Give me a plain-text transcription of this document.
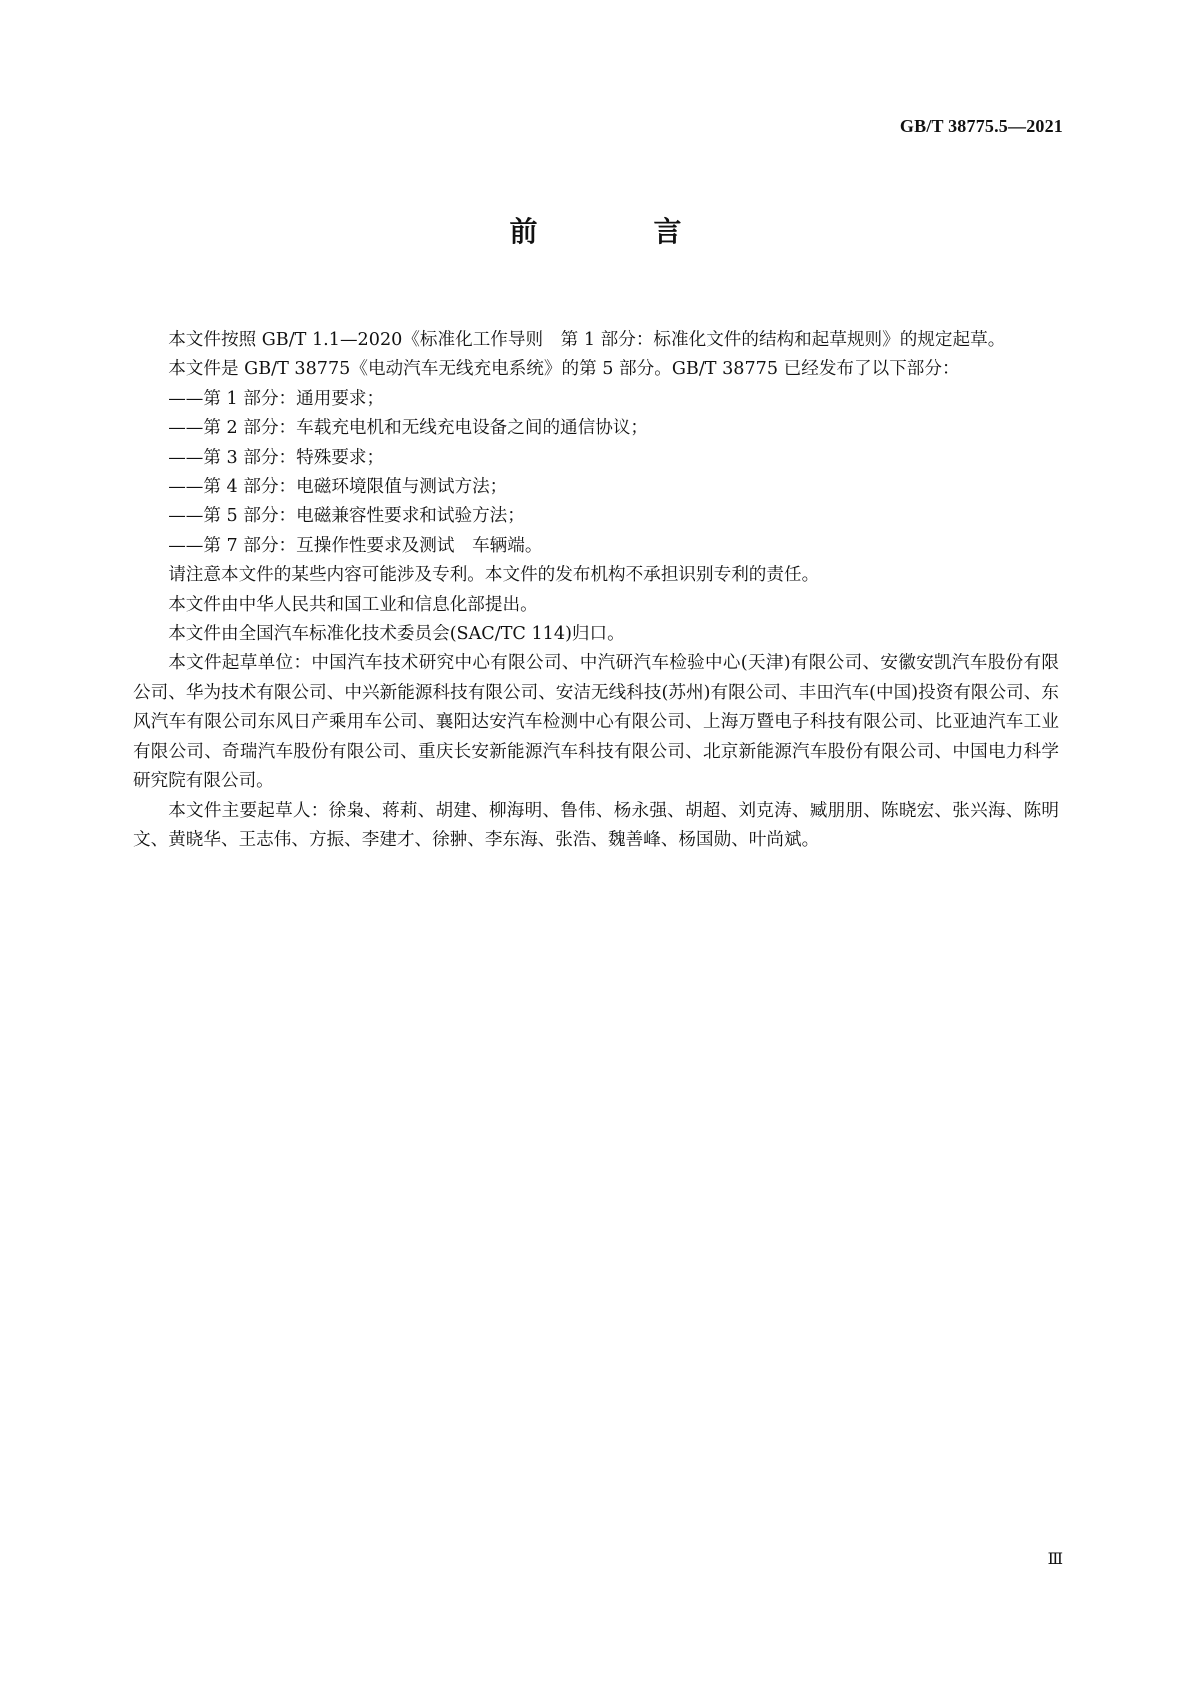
GB/T 38775.5—2021
前　言

本文件按照 GB/T 1.1—2020《标准化工作导则　第 1 部分：标准化文件的结构和起草规则》的规定起草。

本文件是 GB/T 38775《电动汽车无线充电系统》的第 5 部分。GB/T 38775 已经发布了以下部分：

——第 1 部分：通用要求；

——第 2 部分：车载充电机和无线充电设备之间的通信协议；

——第 3 部分：特殊要求；

——第 4 部分：电磁环境限值与测试方法；

——第 5 部分：电磁兼容性要求和试验方法；

——第 7 部分：互操作性要求及测试　车辆端。

请注意本文件的某些内容可能涉及专利。本文件的发布机构不承担识别专利的责任。

本文件由中华人民共和国工业和信息化部提出。

本文件由全国汽车标准化技术委员会(SAC/TC 114)归口。

本文件起草单位：中国汽车技术研究中心有限公司、中汽研汽车检验中心(天津)有限公司、安徽安凯汽车股份有限公司、华为技术有限公司、中兴新能源科技有限公司、安洁无线科技(苏州)有限公司、丰田汽车(中国)投资有限公司、东风汽车有限公司东风日产乘用车公司、襄阳达安汽车检测中心有限公司、上海万暨电子科技有限公司、比亚迪汽车工业有限公司、奇瑞汽车股份有限公司、重庆长安新能源汽车科技有限公司、北京新能源汽车股份有限公司、中国电力科学研究院有限公司。

本文件主要起草人：徐枭、蒋莉、胡建、柳海明、鲁伟、杨永强、胡超、刘克涛、臧朋朋、陈晓宏、张兴海、陈明文、黄晓华、王志伟、方振、李建才、徐翀、李东海、张浩、魏善峰、杨国勋、叶尚斌。

Ⅲ
